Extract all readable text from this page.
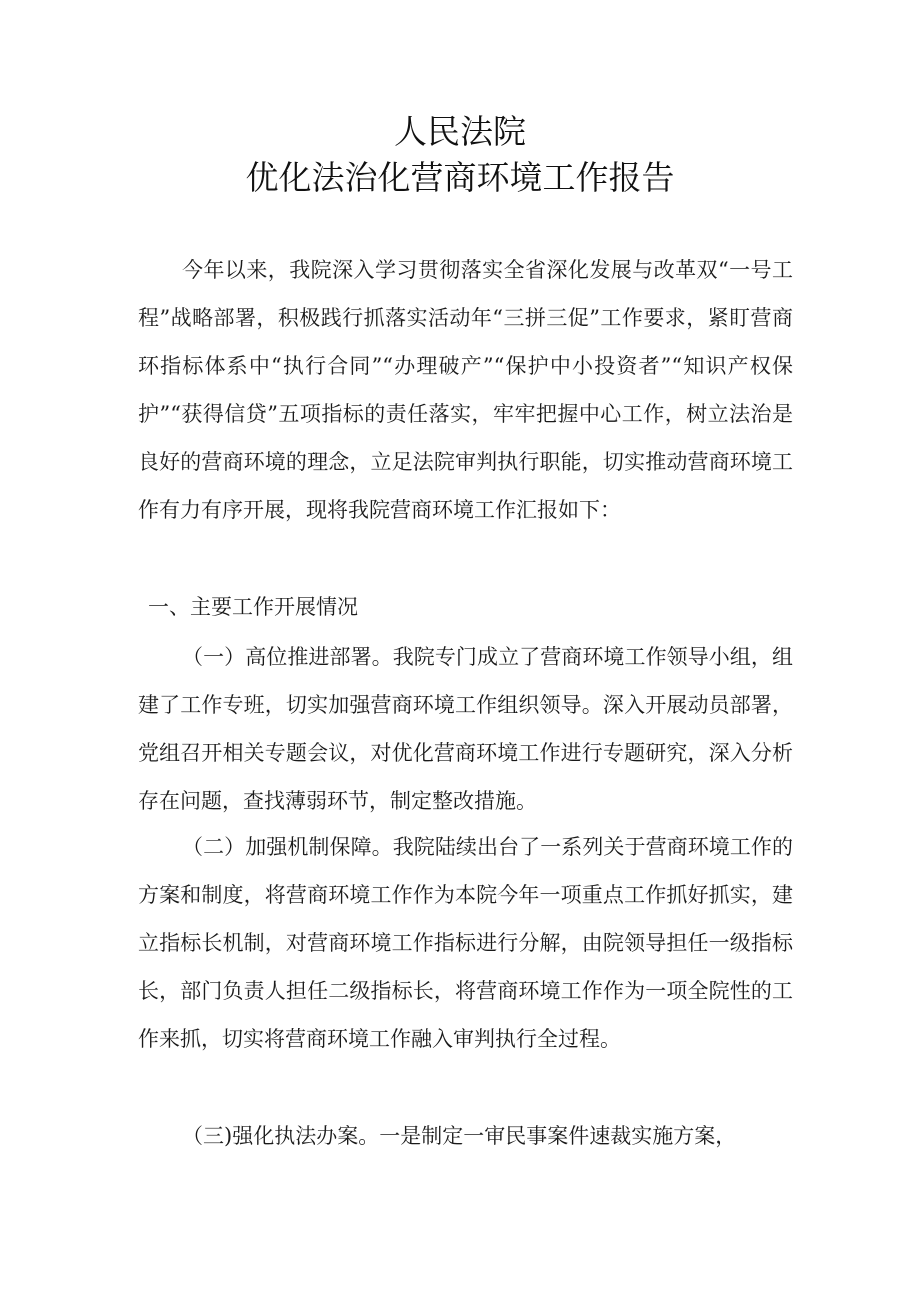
人民法院
优化法治化营商环境工作报告
今年以来，我院深入学习贯彻落实全省深化发展与改革双“一号工程”战略部署，积极践行抓落实活动年“三拼三促”工作要求，紧盯营商环指标体系中“执行合同”“办理破产”“保护中小投资者”“知识产权保护”“获得信贷”五项指标的责任落实，牢牢把握中心工作，树立法治是良好的营商环境的理念，立足法院审判执行职能，切实推动营商环境工作有力有序开展，现将我院营商环境工作汇报如下：
一、主要工作开展情况
（一）高位推进部署。我院专门成立了营商环境工作领导小组，组建了工作专班，切实加强营商环境工作组织领导。深入开展动员部署，党组召开相关专题会议，对优化营商环境工作进行专题研究，深入分析存在问题，查找薄弱环节，制定整改措施。
（二）加强机制保障。我院陆续出台了一系列关于营商环境工作的方案和制度，将营商环境工作作为本院今年一项重点工作抓好抓实，建立指标长机制，对营商环境工作指标进行分解，由院领导担任一级指标长，部门负责人担任二级指标长，将营商环境工作作为一项全院性的工作来抓，切实将营商环境工作融入审判执行全过程。
（三)强化执法办案。一是制定一审民事案件速裁实施方案，
